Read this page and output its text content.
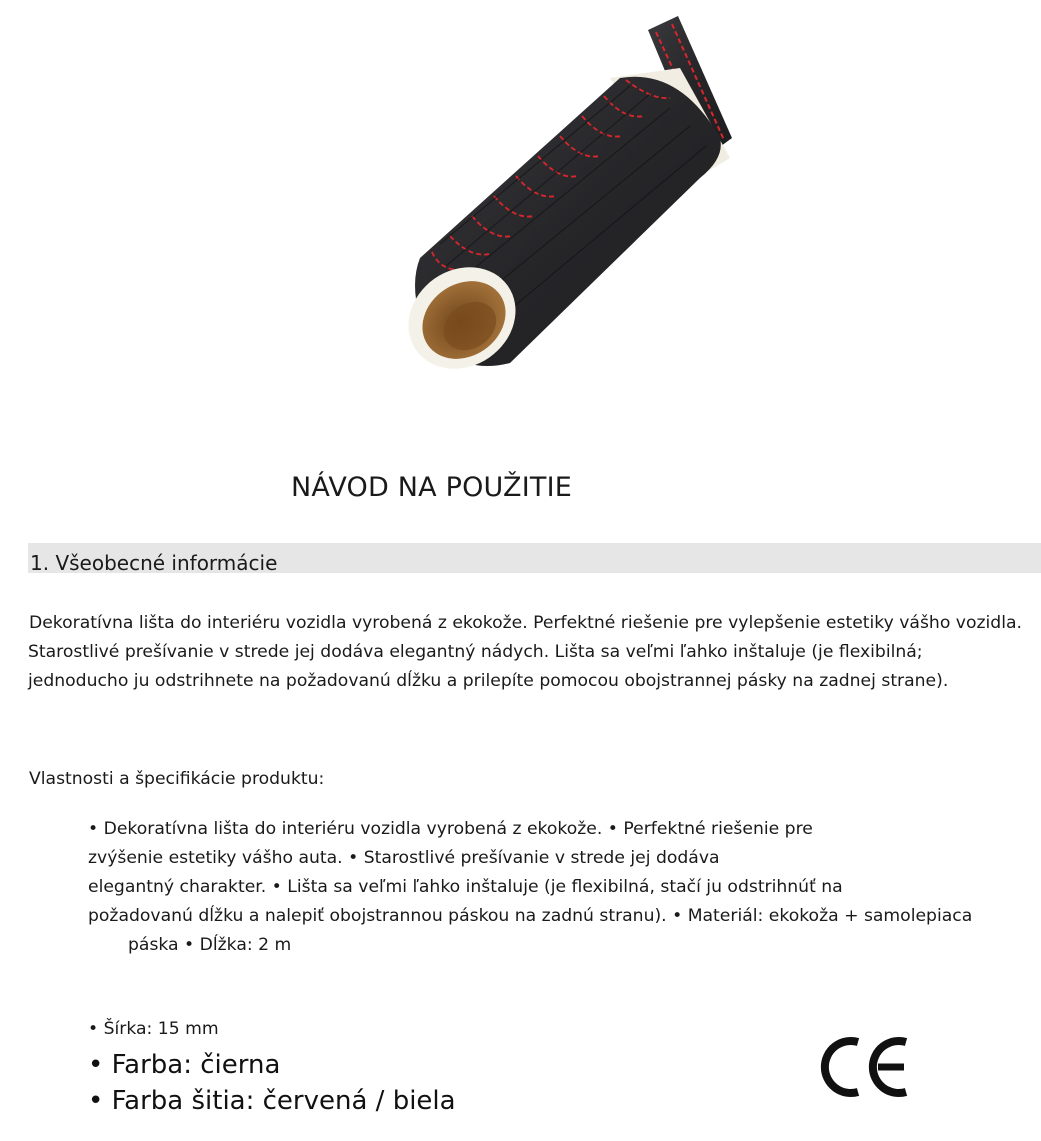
NÁVOD NA POUŽITIE
1. Všeobecné informácie
Dekoratívna lišta do interiéru vozidla vyrobená z ekokože. Perfektné riešenie pre vylepšenie estetiky vášho vozidla.
Starostlivé prešívanie v strede jej dodáva elegantný nádych. Lišta sa veľmi ľahko inštaluje (je flexibilná;
jednoducho ju odstrihnete na požadovanú dĺžku a prilepíte pomocou obojstrannej pásky na zadnej strane).
Vlastnosti a špecifikácie produktu:
• Dekoratívna lišta do interiéru vozidla vyrobená z ekokože. • Perfektné riešenie pre
zvýšenie estetiky vášho auta. • Starostlivé prešívanie v strede jej dodáva
elegantný charakter. • Lišta sa veľmi ľahko inštaluje (je flexibilná, stačí ju odstrihnúť na
požadovanú dĺžku a nalepiť obojstrannou páskou na zadnú stranu). • Materiál: ekokoža + samolepiaca
páska • Dĺžka: 2 m
• Šírka: 15 mm
• Farba: čierna
• Farba šitia: červená / biela
